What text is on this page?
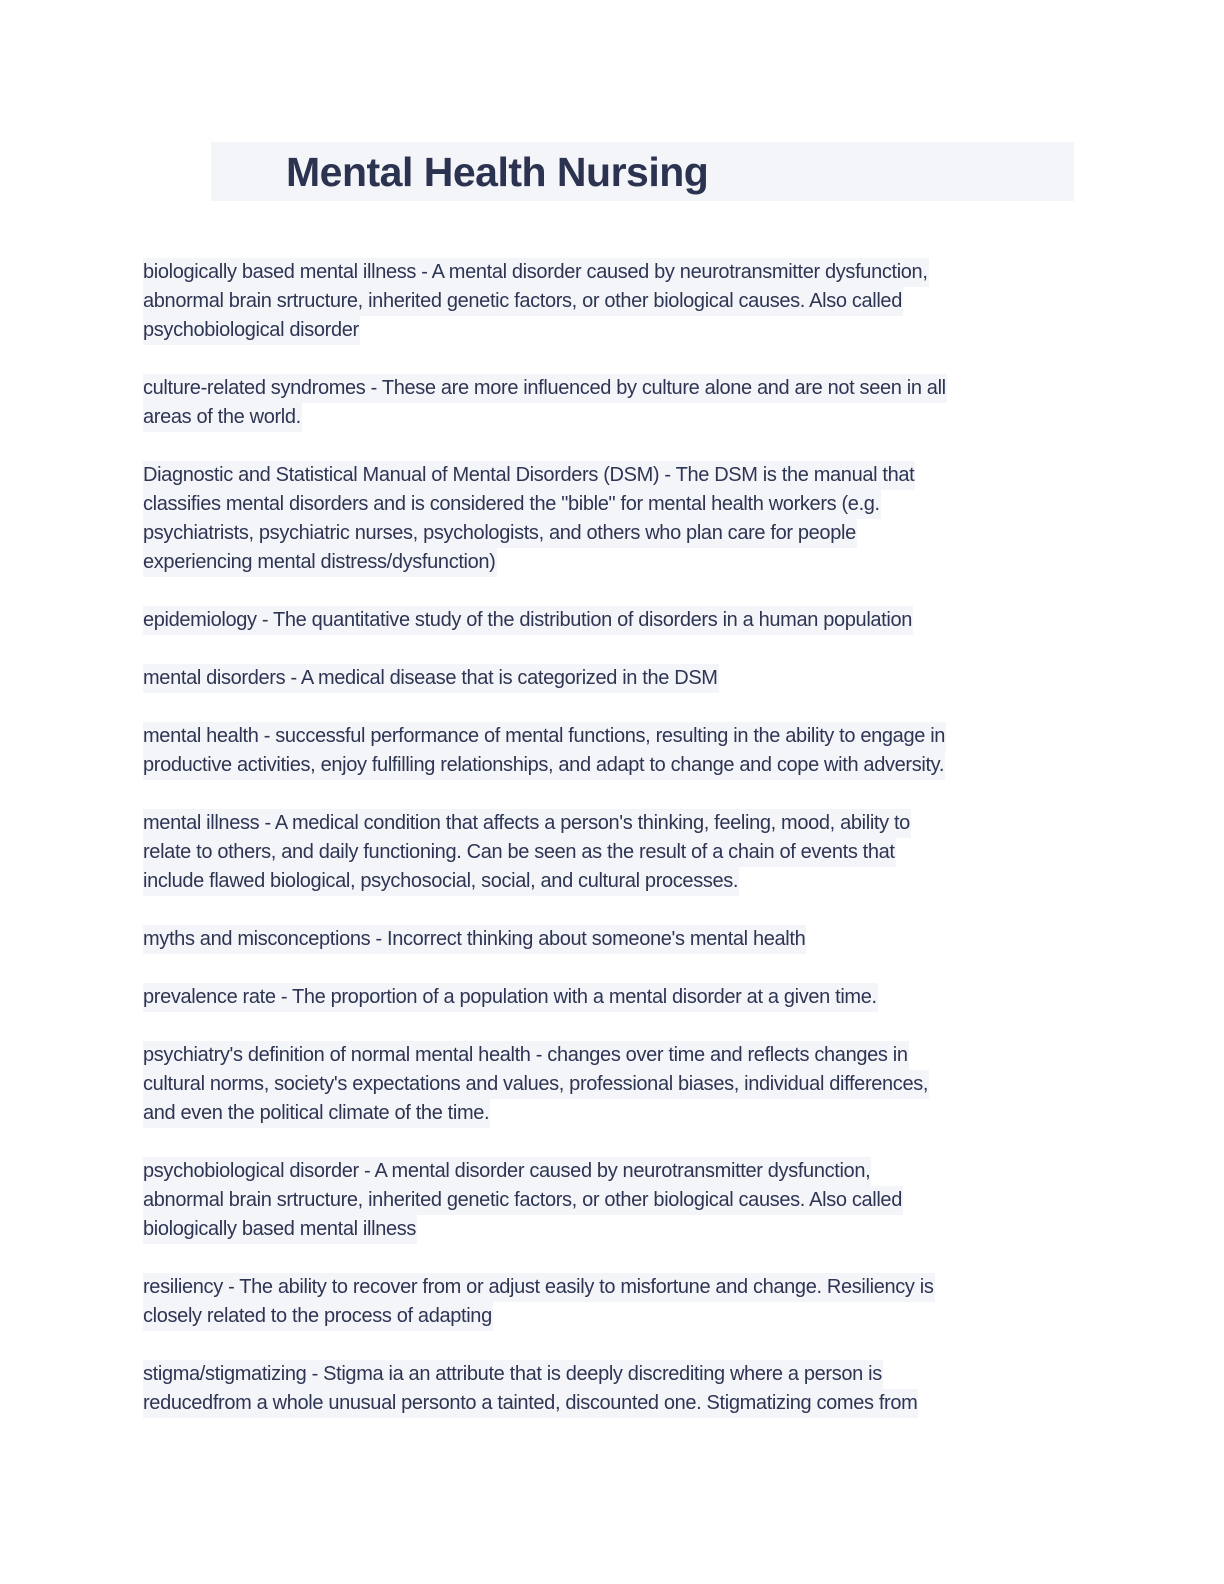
Mental Health Nursing
biologically based mental illness - A mental disorder caused by neurotransmitter dysfunction,
abnormal brain srtructure, inherited genetic factors, or other biological causes. Also called
psychobiological disorder
culture-related syndromes - These are more influenced by culture alone and are not seen in all
areas of the world.
Diagnostic and Statistical Manual of Mental Disorders (DSM) - The DSM is the manual that
classifies mental disorders and is considered the "bible" for mental health workers (e.g.
psychiatrists, psychiatric nurses, psychologists, and others who plan care for people
experiencing mental distress/dysfunction)
epidemiology - The quantitative study of the distribution of disorders in a human population
mental disorders - A medical disease that is categorized in the DSM
mental health - successful performance of mental functions, resulting in the ability to engage in
productive activities, enjoy fulfilling relationships, and adapt to change and cope with adversity.
mental illness - A medical condition that affects a person's thinking, feeling, mood, ability to
relate to others, and daily functioning. Can be seen as the result of a chain of events that
include flawed biological, psychosocial, social, and cultural processes.
myths and misconceptions - Incorrect thinking about someone's mental health
prevalence rate - The proportion of a population with a mental disorder at a given time.
psychiatry's definition of normal mental health - changes over time and reflects changes in
cultural norms, society's expectations and values, professional biases, individual differences,
and even the political climate of the time.
psychobiological disorder - A mental disorder caused by neurotransmitter dysfunction,
abnormal brain srtructure, inherited genetic factors, or other biological causes. Also called
biologically based mental illness
resiliency - The ability to recover from or adjust easily to misfortune and change. Resiliency is
closely related to the process of adapting
stigma/stigmatizing - Stigma ia an attribute that is deeply discrediting where a person is
reducedfrom a whole unusual personto a tainted, discounted one. Stigmatizing comes from
